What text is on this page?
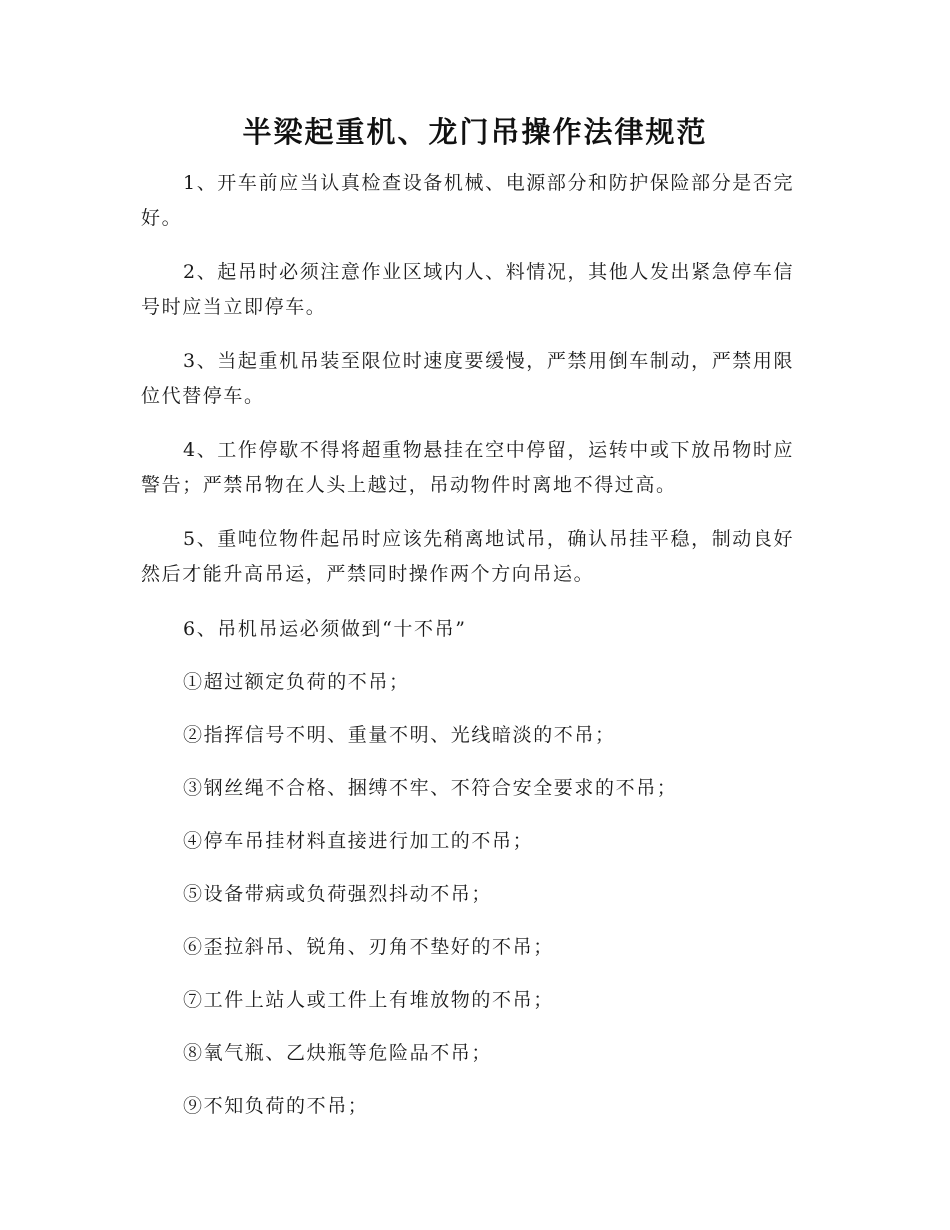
半梁起重机、龙门吊操作法律规范

1、开车前应当认真检查设备机械、电源部分和防护保险部分是否完好。

2、起吊时必须注意作业区域内人、料情况，其他人发出紧急停车信号时应当立即停车。

3、当起重机吊装至限位时速度要缓慢，严禁用倒车制动，严禁用限位代替停车。

4、工作停歇不得将超重物悬挂在空中停留，运转中或下放吊物时应警告；严禁吊物在人头上越过，吊动物件时离地不得过高。

5、重吨位物件起吊时应该先稍离地试吊，确认吊挂平稳，制动良好然后才能升高吊运，严禁同时操作两个方向吊运。

6、吊机吊运必须做到“十不吊”

①超过额定负荷的不吊；

②指挥信号不明、重量不明、光线暗淡的不吊；

③钢丝绳不合格、捆缚不牢、不符合安全要求的不吊；

④停车吊挂材料直接进行加工的不吊；

⑤设备带病或负荷强烈抖动不吊；

⑥歪拉斜吊、锐角、刃角不垫好的不吊；

⑦工件上站人或工件上有堆放物的不吊；

⑧氧气瓶、乙炔瓶等危险品不吊；

⑨不知负荷的不吊；
